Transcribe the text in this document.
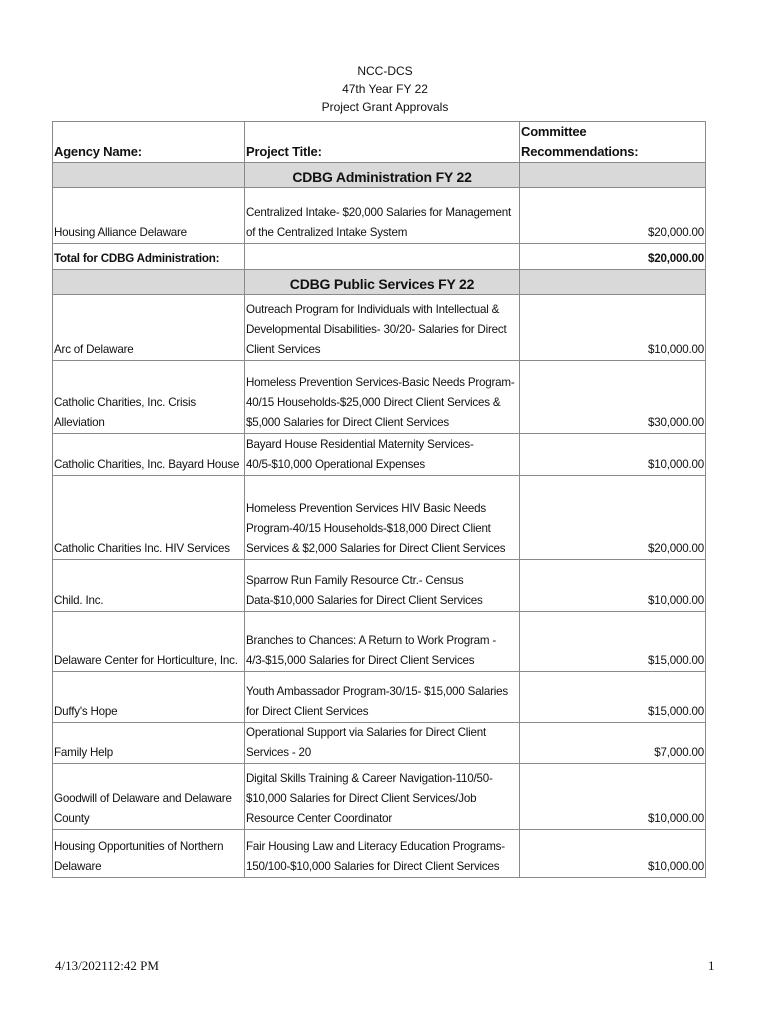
NCC-DCS
47th Year FY 22
Project Grant Approvals
Agency Name:	Project Title:	Committee Recommendations:
	CDBG Administration FY 22	
Housing Alliance Delaware	Centralized Intake- $20,000 Salaries for Management of the Centralized Intake System	$20,000.00
Total for CDBG Administration:		$20,000.00
	CDBG Public Services FY 22	
Arc of Delaware	Outreach Program for Individuals with Intellectual & Developmental Disabilities- 30/20- Salaries for Direct Client Services	$10,000.00
Catholic Charities, Inc. Crisis Alleviation	Homeless Prevention Services-Basic Needs Program-40/15 Households-$25,000 Direct Client Services & $5,000 Salaries for Direct Client Services	$30,000.00
Catholic Charities, Inc. Bayard House	Bayard House Residential Maternity Services-40/5-$10,000 Operational Expenses	$10,000.00
Catholic Charities Inc. HIV Services	Homeless Prevention Services HIV Basic Needs Program-40/15 Households-$18,000 Direct Client Services & $2,000 Salaries for Direct Client Services	$20,000.00
Child. Inc.	Sparrow Run Family Resource Ctr.- Census Data-$10,000 Salaries for Direct Client Services	$10,000.00
Delaware Center for Horticulture, Inc.	Branches to Chances: A Return to Work Program - 4/3-$15,000 Salaries for Direct Client Services	$15,000.00
Duffy's Hope	Youth Ambassador Program-30/15- $15,000 Salaries for Direct Client Services	$15,000.00
Family Help	Operational Support via Salaries for Direct Client Services - 20	$7,000.00
Goodwill of Delaware and Delaware County	Digital Skills Training & Career Navigation-110/50- $10,000 Salaries for Direct Client Services/Job Resource Center Coordinator	$10,000.00
Housing Opportunities of Northern Delaware	Fair Housing Law and Literacy Education Programs-150/100-$10,000 Salaries for Direct Client Services	$10,000.00
4/13/202112:42 PM	1
